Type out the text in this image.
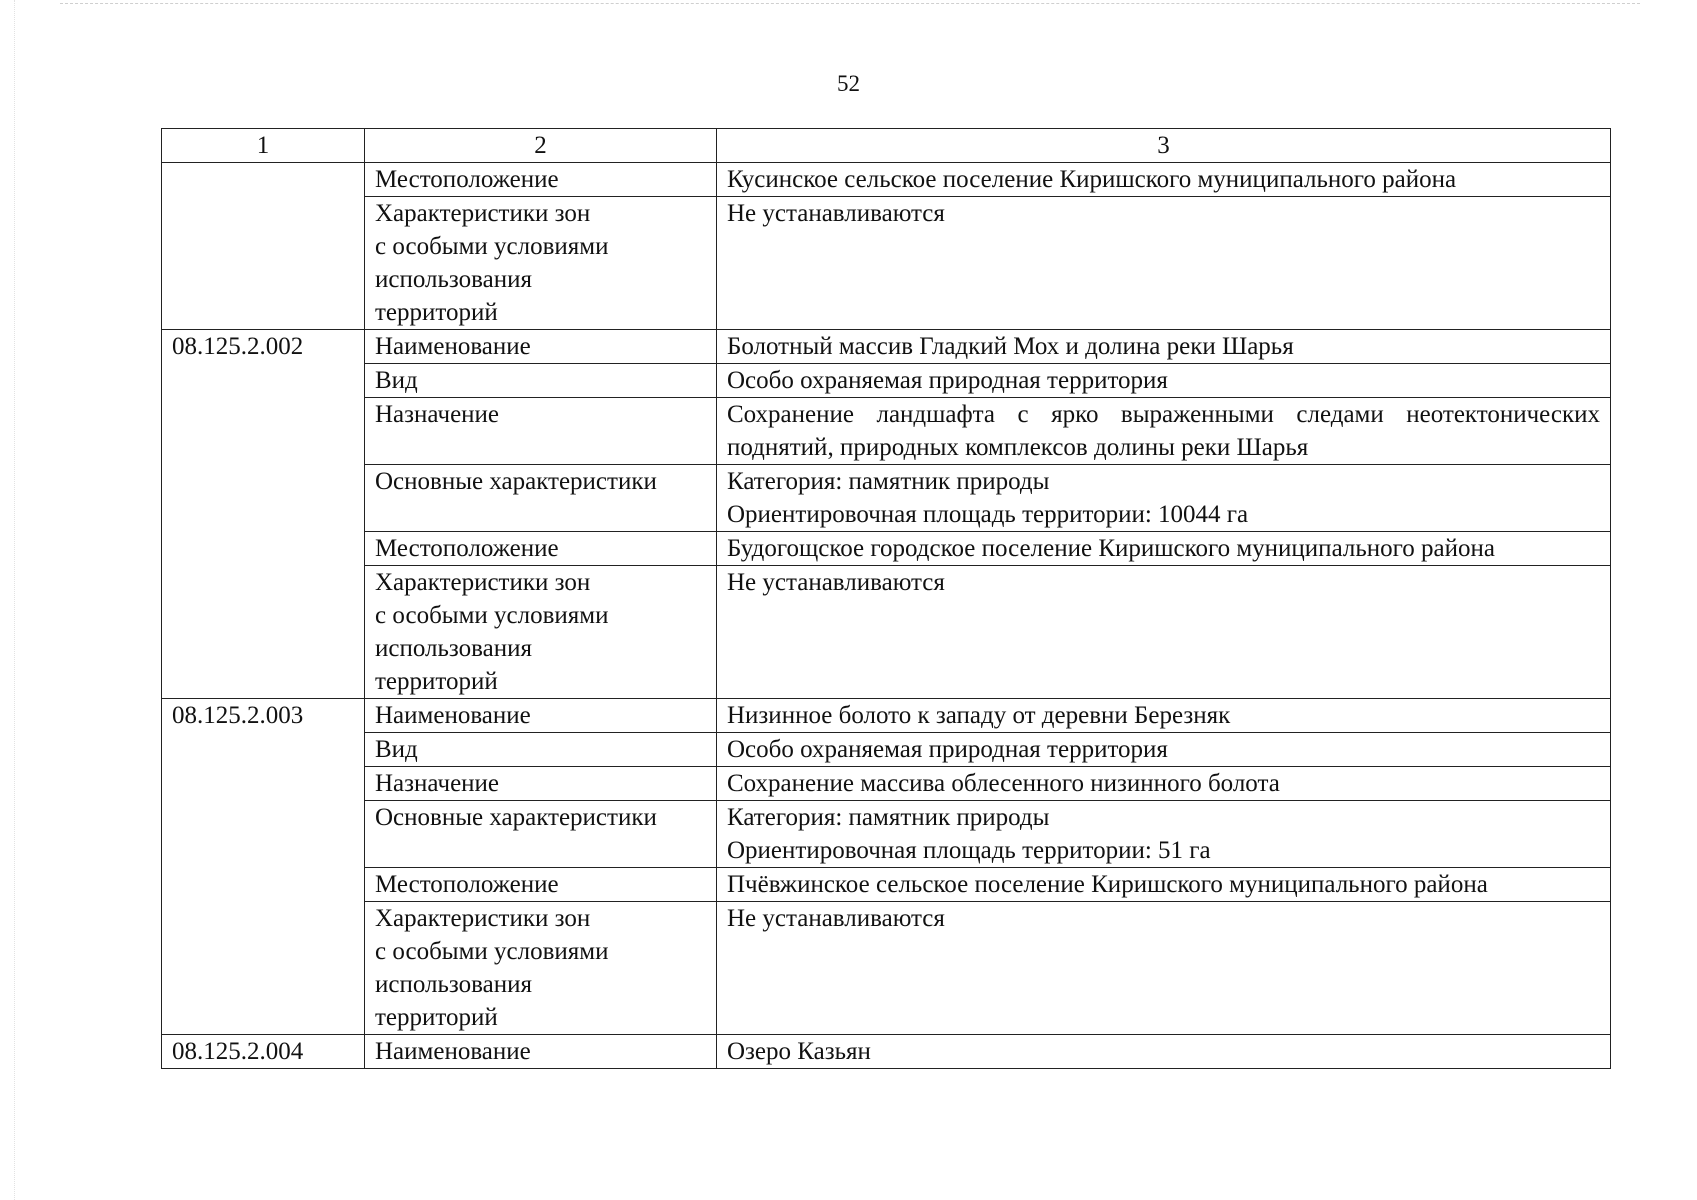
52
1	2	3
	Местоположение	Кусинское сельское поселение Киришского муниципального района

	Характеристики зон
с особыми условиями
использования
территорий	Не устанавливаются
08.125.2.002	Наименование	Болотный массив Гладкий Мох и долина реки Шарья
	Вид	Особо охраняемая природная территория
	Назначение	Сохранение ландшафта с ярко выраженными следами неотектонических поднятий, природных комплексов долины реки Шарья
	Основные характеристики	Категория: памятник природы
Ориентировочная площадь территории: 10044 га

	Местоположение	Будогощское городское поселение Киришского муниципального района

	Характеристики зон
с особыми условиями
использования
территорий	Не устанавливаются
08.125.2.003	Наименование	Низинное болото к западу от деревни Березняк
	Вид	Особо охраняемая природная территория
	Назначение	Сохранение массива облесенного низинного болота
	Основные характеристики	Категория: памятник природы
Ориентировочная площадь территории: 51 га

	Местоположение	Пчёвжинское сельское поселение Киришского муниципального района

	Характеристики зон
с особыми условиями
использования
территорий	Не устанавливаются
08.125.2.004	Наименование	Озеро Казьян
